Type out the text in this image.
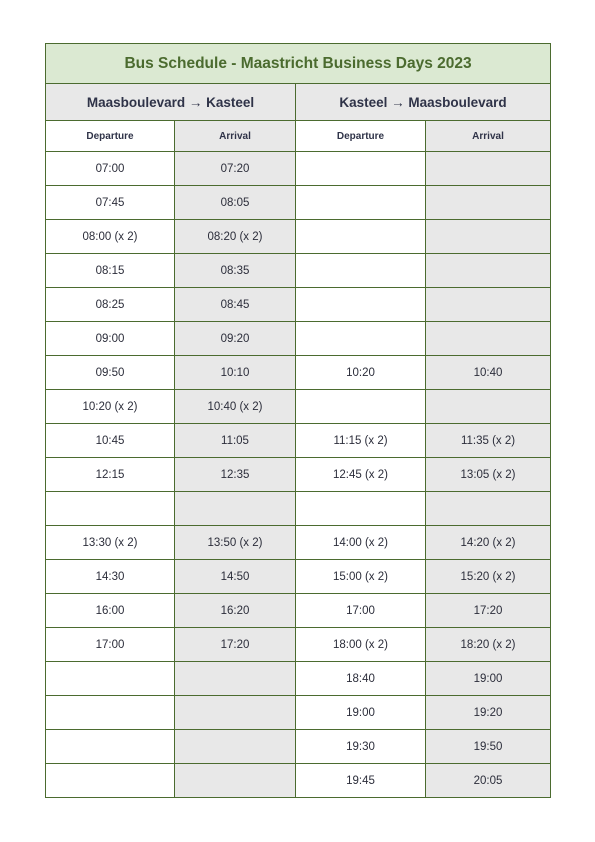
Bus Schedule - Maastricht Business Days 2023			
Maasboulevard → Kasteel		Kasteel → Maasboulevard	
Departure	Arrival	Departure	Arrival
07:00	07:20		
07:45	08:05		
08:00 (x 2)	08:20 (x 2)		
08:15	08:35		
08:25	08:45		
09:00	09:20		
09:50	10:10	10:20	10:40
10:20 (x 2)	10:40 (x 2)		
10:45	11:05	11:15 (x 2)	11:35 (x 2)
12:15	12:35	12:45 (x 2)	13:05 (x 2)

13:30 (x 2)	13:50 (x 2)	14:00 (x 2)	14:20 (x 2)
14:30	14:50	15:00 (x 2)	15:20 (x 2)
16:00	16:20	17:00	17:20
17:00	17:20	18:00 (x 2)	18:20 (x 2)
		18:40	19:00
		19:00	19:20
		19:30	19:50
		19:45	20:05
